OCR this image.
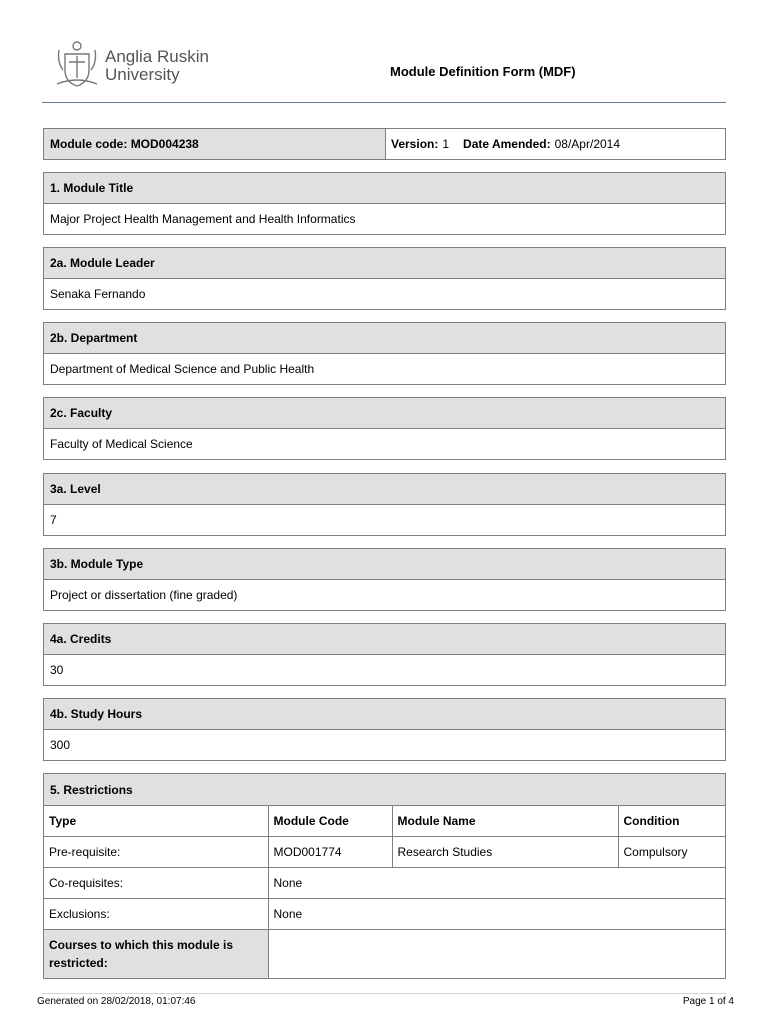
Anglia Ruskin
University	Module Definition Form (MDF)
Module code:
MOD004238	Version: 1 Date Amended: 08/Apr/2014
1. Module Title
Major Project Health Management and Health Informatics
2a. Module Leader
Senaka Fernando
2b. Department
Department of Medical Science and Public Health
2c. Faculty
Faculty of Medical Science
3a. Level
7
3b. Module Type
Project or dissertation (fine graded)
4a. Credits
30
4b. Study Hours
300
5. Restrictions
Type	Module Code	Module Name	Condition
Pre-requisite:	MOD001774	Research Studies	Compulsory
Co-requisites:	None		
Exclusions:	None		
Courses to which this module is restricted:			
Generated on 28/02/2018, 01:07:46	Page 1 of 4
